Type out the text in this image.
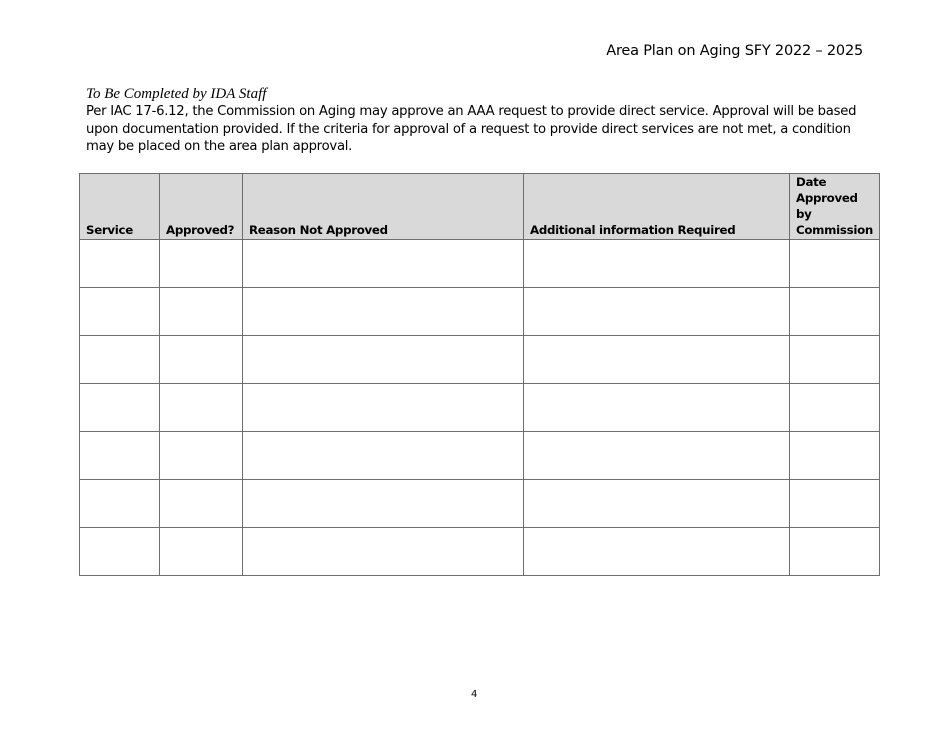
Area Plan on Aging SFY 2022 – 2025
To Be Completed by IDA Staff
Per IAC 17-6.12, the Commission on Aging may approve an AAA request to provide direct service. Approval will be based upon documentation provided. If the criteria for approval of a request to provide direct services are not met, a condition may be placed on the area plan approval.
Service	Approved?	Reason Not Approved	Additional information Required	Date Approved by Commission

4
